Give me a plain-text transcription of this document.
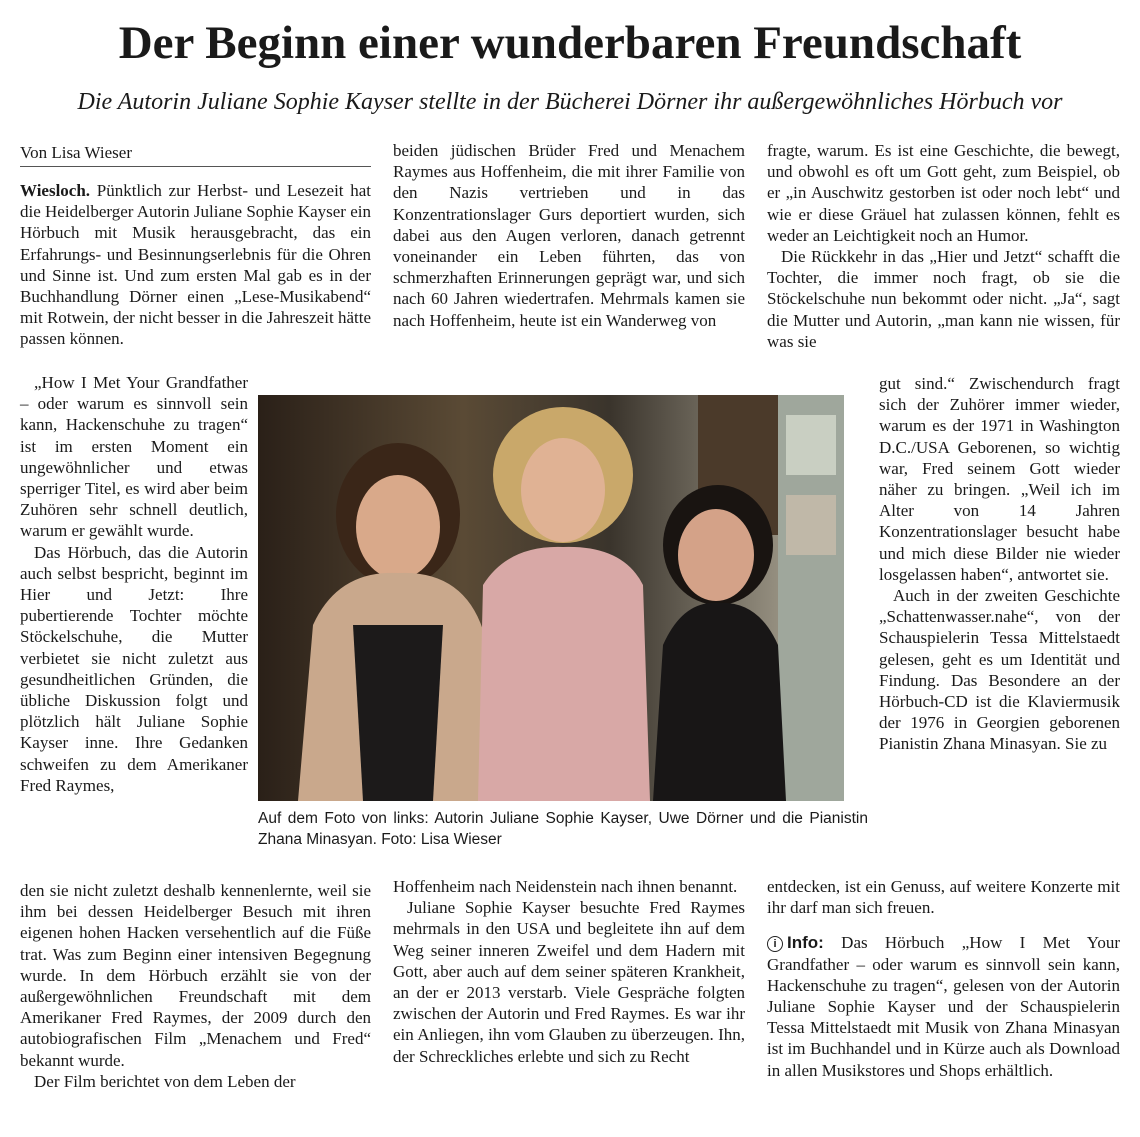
Der Beginn einer wunderbaren Freundschaft
Die Autorin Juliane Sophie Kayser stellte in der Bücherei Dörner ihr außergewöhnliches Hörbuch vor
Von Lisa Wieser

Wiesloch. Pünktlich zur Herbst- und Lesezeit hat die Heidelberger Autorin Juliane Sophie Kayser ein Hörbuch mit Musik herausgebracht, das ein Erfahrungs- und Besinnungserlebnis für die Ohren und Sinne ist. Und zum ersten Mal gab es in der Buchhandlung Dörner einen „Lese-Musikabend“ mit Rotwein, der nicht besser in die Jahreszeit hätte passen können.

„How I Met Your Grandfather – oder warum es sinnvoll sein kann, Hackenschuhe zu tragen“ ist im ersten Moment ein ungewöhnlicher und etwas sperriger Titel, es wird aber beim Zuhören sehr schnell deutlich, warum er gewählt wurde.

Das Hörbuch, das die Autorin auch selbst bespricht, beginnt im Hier und Jetzt: Ihre pubertierende Tochter möchte Stöckelschuhe, die Mutter verbietet sie nicht zuletzt aus gesundheitlichen Gründen, die übliche Diskussion folgt und plötzlich hält Juliane Sophie Kayser inne. Ihre Gedanken schweifen zu dem Amerikaner Fred Raymes,

den sie nicht zuletzt deshalb kennenlernte, weil sie ihm bei dessen Heidelberger Besuch mit ihren eigenen hohen Hacken versehentlich auf die Füße trat. Was zum Beginn einer intensiven Begegnung wurde. In dem Hörbuch erzählt sie von der außergewöhnlichen Freundschaft mit dem Amerikaner Fred Raymes, der 2009 durch den autobiografischen Film „Menachem und Fred“ bekannt wurde.

Der Film berichtet von dem Leben der

beiden jüdischen Brüder Fred und Menachem Raymes aus Hoffenheim, die mit ihrer Familie von den Nazis vertrieben und in das Konzentrationslager Gurs deportiert wurden, sich dabei aus den Augen verloren, danach getrennt voneinander ein Leben führten, das von schmerzhaften Erinnerungen geprägt war, und sich nach 60 Jahren wiedertrafen. Mehrmals kamen sie nach Hoffenheim, heute ist ein Wanderweg von

Hoffenheim nach Neidenstein nach ihnen benannt.

Juliane Sophie Kayser besuchte Fred Raymes mehrmals in den USA und begleitete ihn auf dem Weg seiner inneren Zweifel und dem Hadern mit Gott, aber auch auf dem seiner späteren Krankheit, an der er 2013 verstarb. Viele Gespräche folgten zwischen der Autorin und Fred Raymes. Es war ihr ein Anliegen, ihn vom Glauben zu überzeugen. Ihn, der Schreckliches erlebte und sich zu Recht

fragte, warum. Es ist eine Geschichte, die bewegt, und obwohl es oft um Gott geht, zum Beispiel, ob er „in Auschwitz gestorben ist oder noch lebt“ und wie er diese Gräuel hat zulassen können, fehlt es weder an Leichtigkeit noch an Humor.

Die Rückkehr in das „Hier und Jetzt“ schafft die Tochter, die immer noch fragt, ob sie die Stöckelschuhe nun bekommt oder nicht. „Ja“, sagt die Mutter und Autorin, „man kann nie wissen, für was sie

gut sind.“ Zwischendurch fragt sich der Zuhörer immer wieder, warum es der 1971 in Washington D.C./USA Geborenen, so wichtig war, Fred seinem Gott wieder näher zu bringen. „Weil ich im Alter von 14 Jahren Konzentrationslager besucht habe und mich diese Bilder nie wieder losgelassen haben“, antwortet sie.

Auch in der zweiten Geschichte „Schattenwasser.nahe“, von der Schauspielerin Tessa Mittelstaedt gelesen, geht es um Identität und Findung. Das Besondere an der Hörbuch-CD ist die Klaviermusik der 1976 in Georgien geborenen Pianistin Zhana Minasyan. Sie zu

entdecken, ist ein Genuss, auf weitere Konzerte mit ihr darf man sich freuen.

i Info: Das Hörbuch „How I Met Your Grandfather – oder warum es sinnvoll sein kann, Hackenschuhe zu tragen“, gelesen von der Autorin Juliane Sophie Kayser und der Schauspielerin Tessa Mittelstaedt mit Musik von Zhana Minasyan ist im Buchhandel und in Kürze auch als Download in allen Musikstores und Shops erhältlich.

Auf dem Foto von links: Autorin Juliane Sophie Kayser, Uwe Dörner und die Pianistin Zhana Minasyan. Foto: Lisa Wieser
